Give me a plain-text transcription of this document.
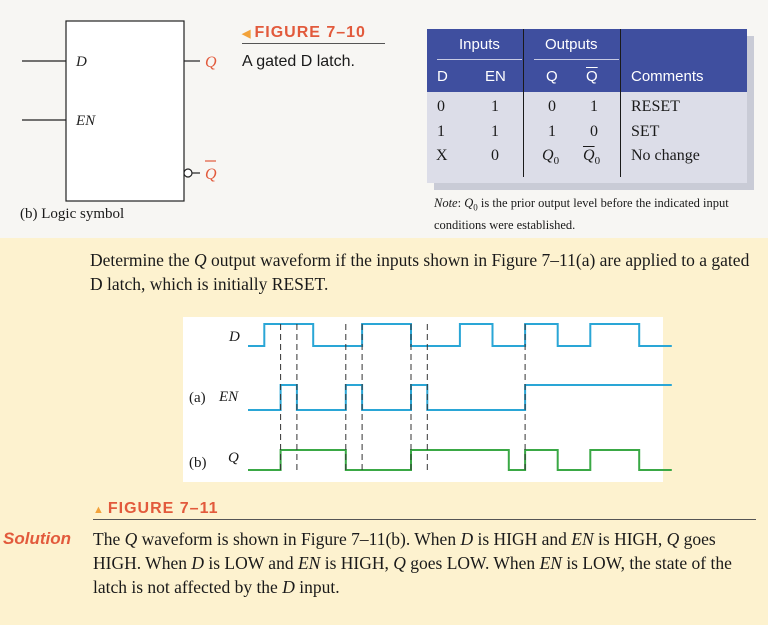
D
EN
Q
Q
(b) Logic symbol
◀ FIGURE 7–10
A gated D latch.
Inputs	Outputs
D EN	Q $\overline{Q}$ Comments
0	1	0 1 RESET
1	1	1 0 SET
X	0	$Q_0$ $\overline{Q}_0$ No change
Note: $Q_0$ is the prior output level before the indicated input conditions were established.
Determine the Q output waveform if the inputs shown in Figure 7–11(a) are applied to a gated D latch, which is initially RESET.
D
(a) EN
(b) Q
▲ FIGURE 7–11
Solution The Q waveform is shown in Figure 7–11(b). When D is HIGH and EN is HIGH, Q goes HIGH. When D is LOW and EN is HIGH, Q goes LOW. When EN is LOW, the state of the latch is not affected by the D input.
